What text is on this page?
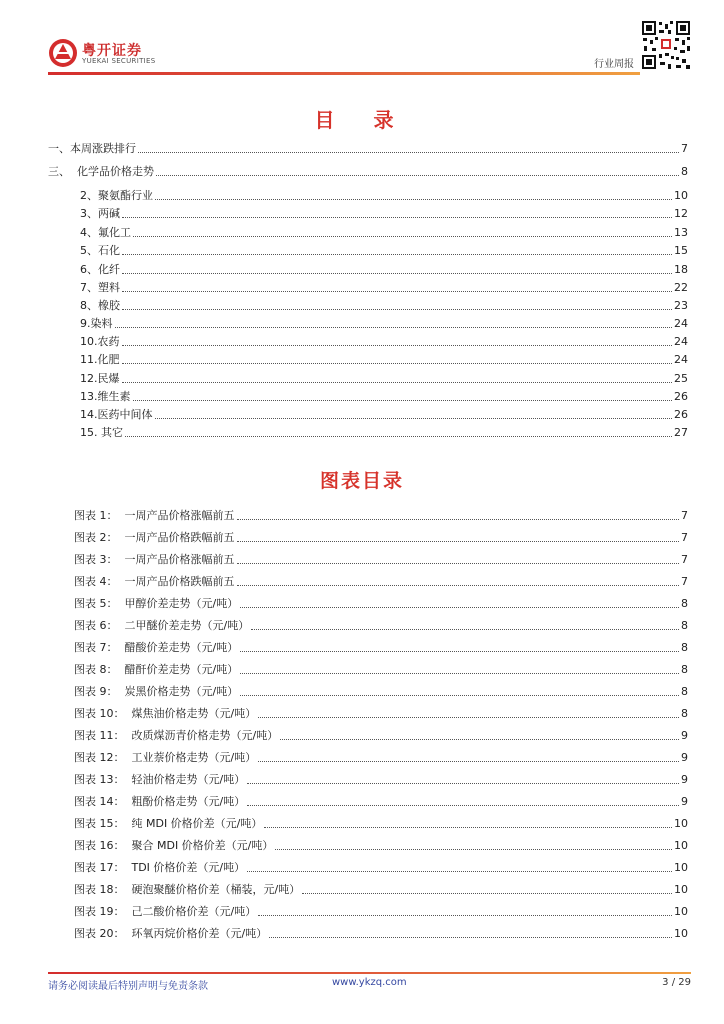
粤开证券
YUEKAI SECURITIES	行业周报
目 录
一、本周涨跌排行	7
三、  化学品价格走势	8
2、聚氨酯行业	10
3、两碱	12
4、氟化工	13
5、石化	15
6、化纤	18
7、塑料	22
8、橡胶	23
9.染料	24
10.农药	24
11.化肥	24
12.民爆	25
13.维生素	26
14.医药中间体	26
15. 其它	27
图表目录
图表 1：  一周产品价格涨幅前五	7
图表 2：  一周产品价格跌幅前五	7
图表 3：  一周产品价格涨幅前五	7
图表 4：  一周产品价格跌幅前五	7
图表 5：  甲醇价差走势（元/吨）	8
图表 6：  二甲醚价差走势（元/吨）	8
图表 7：  醋酸价差走势（元/吨）	8
图表 8：  醋酐价差走势（元/吨）	8
图表 9：  炭黑价格走势（元/吨）	8
图表 10：  煤焦油价格走势（元/吨）	8
图表 11：  改质煤沥青价格走势（元/吨）	9
图表 12：  工业萘价格走势（元/吨）	9
图表 13：  轻油价格走势（元/吨）	9
图表 14：  粗酚价格走势（元/吨）	9
图表 15：  纯 MDI 价格价差（元/吨）	10
图表 16：  聚合 MDI 价格价差（元/吨）	10
图表 17：  TDI 价格价差（元/吨）	10
图表 18：  硬泡聚醚价格价差（桶装，元/吨）	10
图表 19：  己二酸价格价差（元/吨）	10
图表 20：  环氧丙烷价格价差（元/吨）	10
请务必阅读最后特别声明与免责条款	www.ykzq.com	3 / 29
